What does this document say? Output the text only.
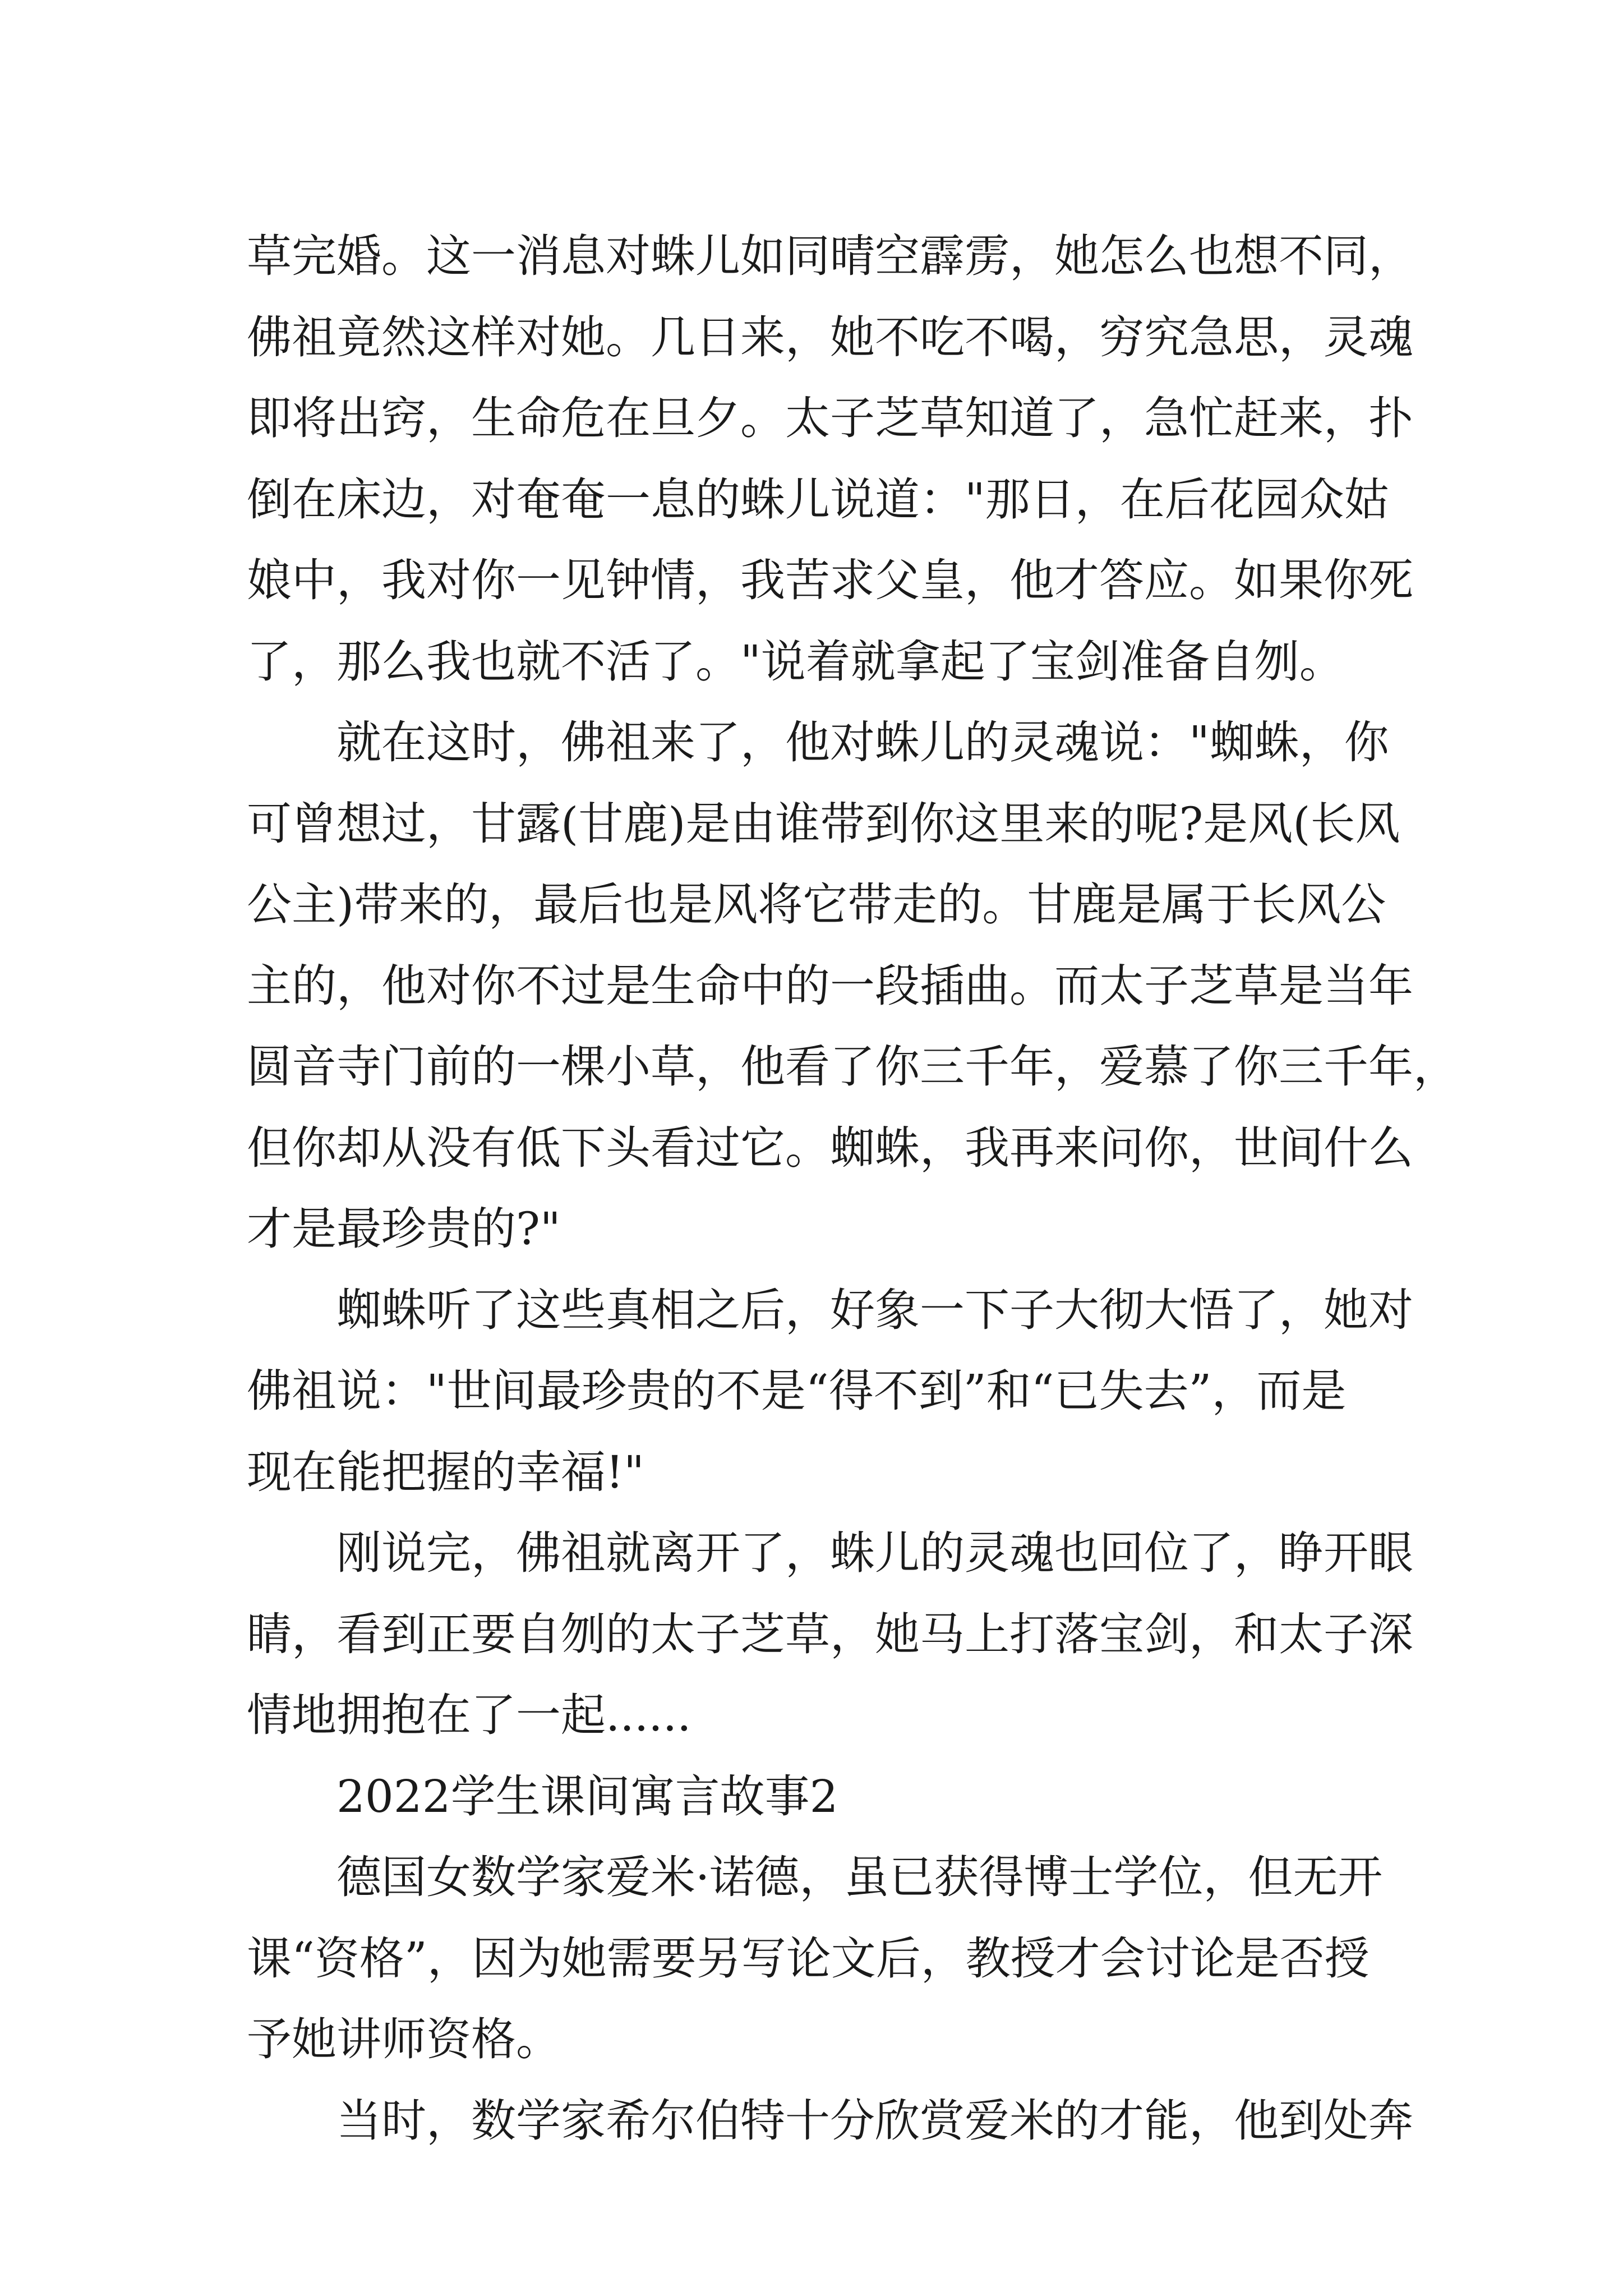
草完婚。这一消息对蛛儿如同晴空霹雳，她怎么也想不同，
佛祖竟然这样对她。几日来，她不吃不喝，穷究急思，灵魂
即将出窍，生命危在旦夕。太子芝草知道了，急忙赶来，扑
倒在床边，对奄奄一息的蛛儿说道："那日，在后花园众姑
娘中，我对你一见钟情，我苦求父皇，他才答应。如果你死
了，那么我也就不活了。"说着就拿起了宝剑准备自刎。
就在这时，佛祖来了，他对蛛儿的灵魂说："蜘蛛，你
可曾想过，甘露(甘鹿)是由谁带到你这里来的呢?是风(长风
公主)带来的，最后也是风将它带走的。甘鹿是属于长风公
主的，他对你不过是生命中的一段插曲。而太子芝草是当年
圆音寺门前的一棵小草，他看了你三千年，爱慕了你三千年，
但你却从没有低下头看过它。蜘蛛，我再来问你，世间什么
才是最珍贵的?"
蜘蛛听了这些真相之后，好象一下子大彻大悟了，她对
佛祖说："世间最珍贵的不是“得不到”和“已失去”，而是
现在能把握的幸福!"
刚说完，佛祖就离开了，蛛儿的灵魂也回位了，睁开眼
睛，看到正要自刎的太子芝草，她马上打落宝剑，和太子深
情地拥抱在了一起......
2022学生课间寓言故事2
德国女数学家爱米·诺德，虽已获得博士学位，但无开
课“资格”，因为她需要另写论文后，教授才会讨论是否授
予她讲师资格。
当时，数学家希尔伯特十分欣赏爱米的才能，他到处奔
